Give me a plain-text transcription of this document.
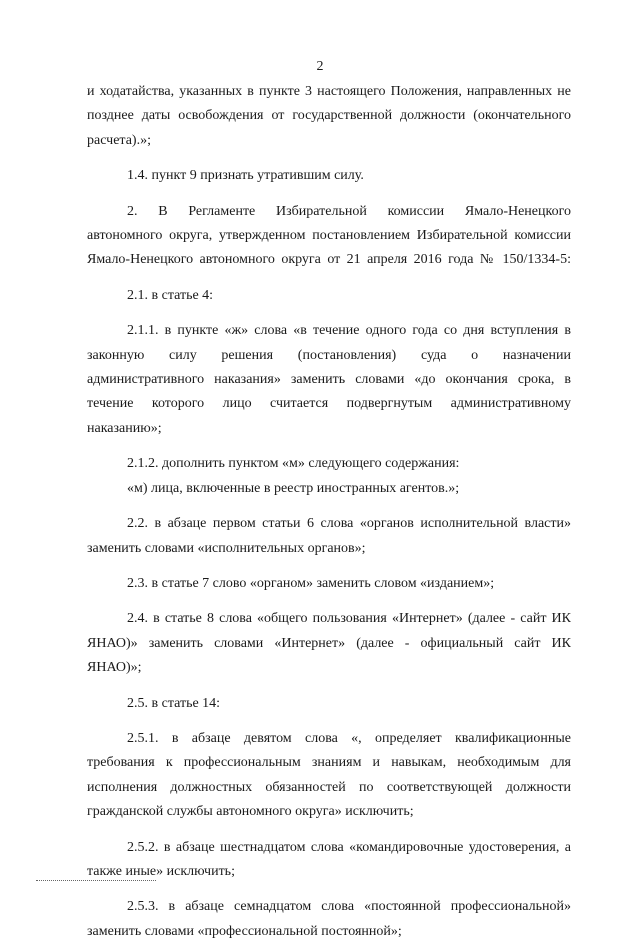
2

и ходатайства, указанных в пункте 3 настоящего Положения, направленных не

позднее даты освобождения от государственной должности (окончательного

расчета).»;

1.4. пункт 9 признать утратившим силу.

2. В Регламенте Избирательной комиссии Ямало-Ненецкого

автономного округа, утвержденном постановлением Избирательной комиссии

Ямало-Ненецкого автономного округа от 21 апреля 2016 года № 150/1334-5:

2.1. в статье 4:

2.1.1. в пункте «ж» слова «в течение одного года со дня вступления в

законную силу решения (постановления) суда о назначении

административного наказания» заменить словами «до окончания срока, в

течение которого лицо считается подвергнутым административному

наказанию»;

2.1.2. дополнить пунктом «м» следующего содержания:

«м) лица, включенные в реестр иностранных агентов.»;

2.2. в абзаце первом статьи 6 слова «органов исполнительной власти»

заменить словами «исполнительных органов»;

2.3. в статье 7 слово «органом» заменить словом «изданием»;

2.4. в статье 8 слова «общего пользования «Интернет» (далее - сайт ИК

ЯНАО)» заменить словами «Интернет» (далее - официальный сайт ИК

ЯНАО)»;

2.5. в статье 14:

2.5.1. в абзаце девятом слова «, определяет квалификационные

требования к профессиональным знаниям и навыкам, необходимым для

исполнения должностных обязанностей по соответствующей должности

гражданской службы автономного округа» исключить;

2.5.2. в абзаце шестнадцатом слова «командировочные удостоверения, а

также иные» исключить;

2.5.3. в абзаце семнадцатом слова «постоянной профессиональной»

заменить словами «профессиональной постоянной»;
